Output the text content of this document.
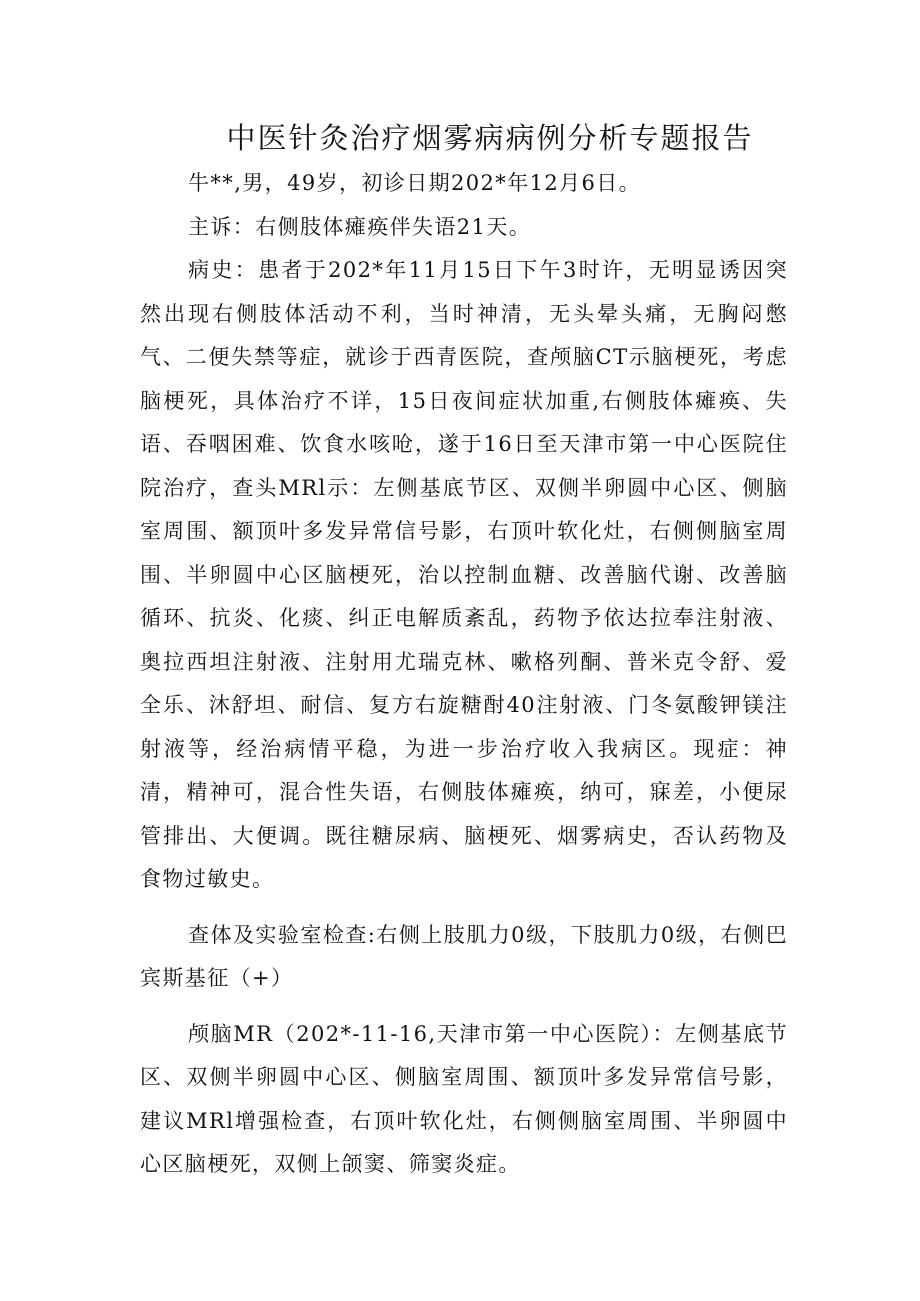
中医针灸治疗烟雾病病例分析专题报告

牛**,男，49岁，初诊日期202*年12月6日。

主诉：右侧肢体瘫痪伴失语21天。

病史：患者于202*年11月15日下午3时许，无明显诱因突然出现右侧肢体活动不利，当时神清，无头晕头痛，无胸闷憋气、二便失禁等症，就诊于西青医院，查颅脑CT示脑梗死，考虑脑梗死，具体治疗不详，15日夜间症状加重,右侧肢体瘫痪、失语、吞咽困难、饮食水咳呛，遂于16日至天津市第一中心医院住院治疗，查头MRl示：左侧基底节区、双侧半卵圆中心区、侧脑室周围、额顶叶多发异常信号影，右顶叶软化灶，右侧侧脑室周围、半卵圆中心区脑梗死，治以控制血糖、改善脑代谢、改善脑循环、抗炎、化痰、纠正电解质紊乱，药物予依达拉奉注射液、奥拉西坦注射液、注射用尤瑞克林、嗽格列酮、普米克令舒、爱全乐、沐舒坦、耐信、复方右旋糖酎40注射液、门冬氨酸钾镁注射液等，经治病情平稳，为进一步治疗收入我病区。现症：神清，精神可，混合性失语，右侧肢体瘫痪，纳可，寐差，小便尿管排出、大便调。既往糖尿病、脑梗死、烟雾病史，否认药物及食物过敏史。

查体及实验室检查:右侧上肢肌力0级，下肢肌力0级，右侧巴宾斯基征（+）

颅脑MR（202*-11-16,天津市第一中心医院）：左侧基底节区、双侧半卵圆中心区、侧脑室周围、额顶叶多发异常信号影，建议MRl增强检查，右顶叶软化灶，右侧侧脑室周围、半卵圆中心区脑梗死，双侧上颌窦、筛窦炎症。
